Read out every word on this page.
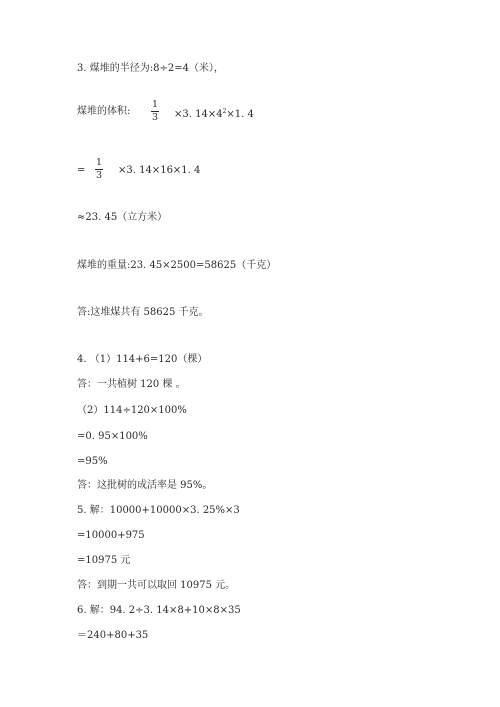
3. 煤堆的半径为:8÷2=4（米），
煤堆的体积:
1
3 ×3. $14\times 4^2\times 1$. 4
=
1
3 ×3. 14×16×1. 4
≈23. 45（立方米）
煤堆的重量:23. 45×2500=58625（千克）
答:这堆煤共有 58625 千克。
4. （1）114+6=120（棵）
答：一共植树 120 棵 。
（2）114÷120×100%
=0. 95×100%
=95%
答：这批树的成活率是 95%。
5. 解：10000+10000×3. 25%×3
=10000+975
=10975 元
答：到期一共可以取回 10975 元。
6. 解：94. 2÷3. 14×8+10×8×35
＝240+80+35
